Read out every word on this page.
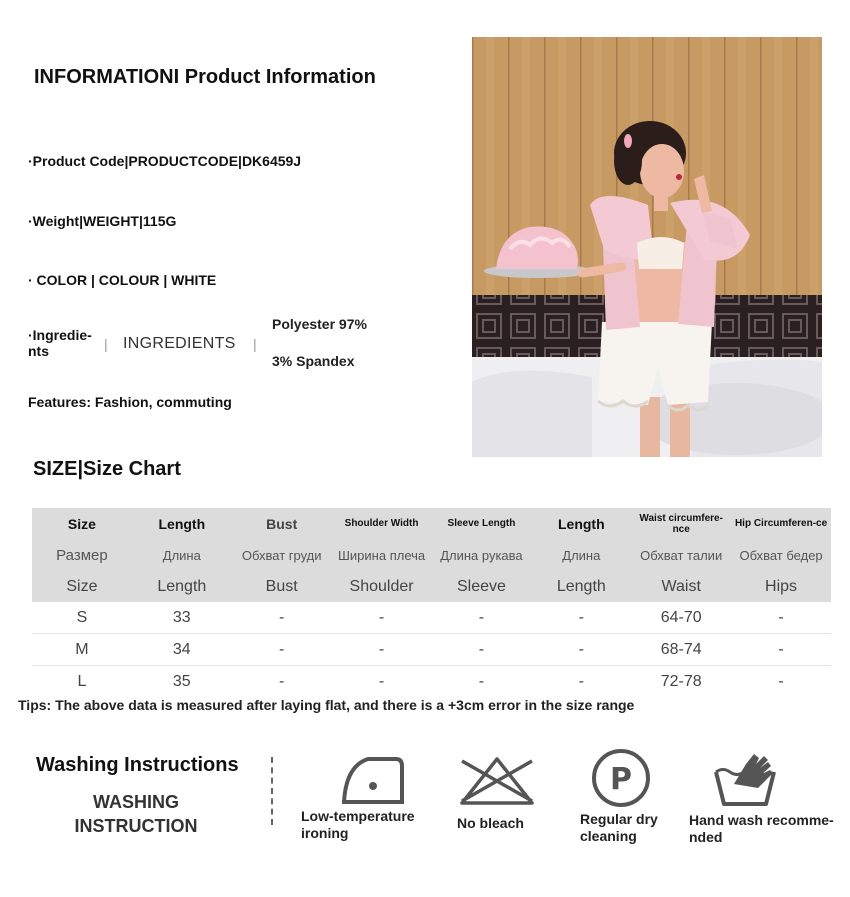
INFORMATIONI Product Information
·Product Code|PRODUCTCODE|DK6459J
·Weight|WEIGHT|115G
· COLOR | COLOUR | WHITE
·Ingredie-nts	| INGREDIENTS |
Polyester 97%
3% Spandex
Features: Fashion, commuting
SIZE|Size Chart
Size	Length	Bust	Shoulder Width	Sleeve Length	Length	Waist circumfere-nce	Hip Circumferen-ce
Размер	Длина	Обхват груди	Ширина плеча	Длина рукава	Длина	Обхват талии	Обхват бедер
Size	Length	Bust	Shoulder	Sleeve	Length	Waist	Hips
S	33	-	-	-	-	64-70	-
M	34	-	-	-	-	68-74	-
L	35	-	-	-	-	72-78	-
Tips: The above data is measured after laying flat, and there is a +3cm error in the size range
Washing Instructions
WASHING
INSTRUCTION	Low-temperature
ironing
No bleach
P
Regular dry
cleaning
Hand wash recomme-
nded
